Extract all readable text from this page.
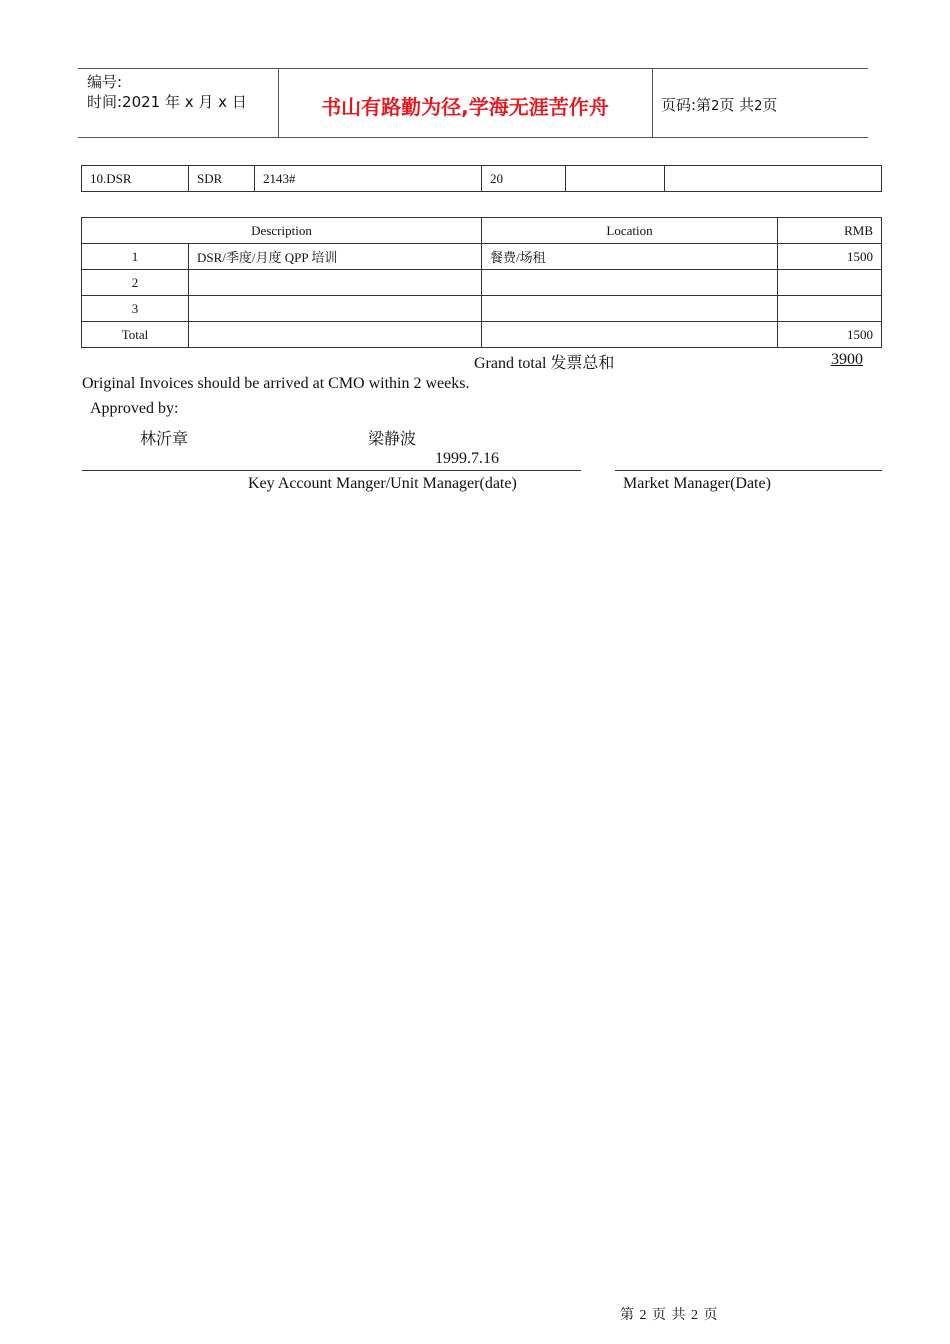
编号:
时间:2021 年 x 月 x 日	书山有路勤为径,学海无涯苦作舟	页码:第2页 共2页
10.DSR	SDR	2143#	20		
Description		Location	RMB
1	DSR/季度/月度 QPP 培训	餐费/场租	1500
2			
3			
Total			1500
Grand total 发票总和	3900
Original Invoices should be arrived at CMO within 2 weeks.
Approved by:
林沂章	梁静波
1999.7.16
Key Account Manger/Unit Manager(date)	Market Manager(Date)
第 2 页 共 2 页
